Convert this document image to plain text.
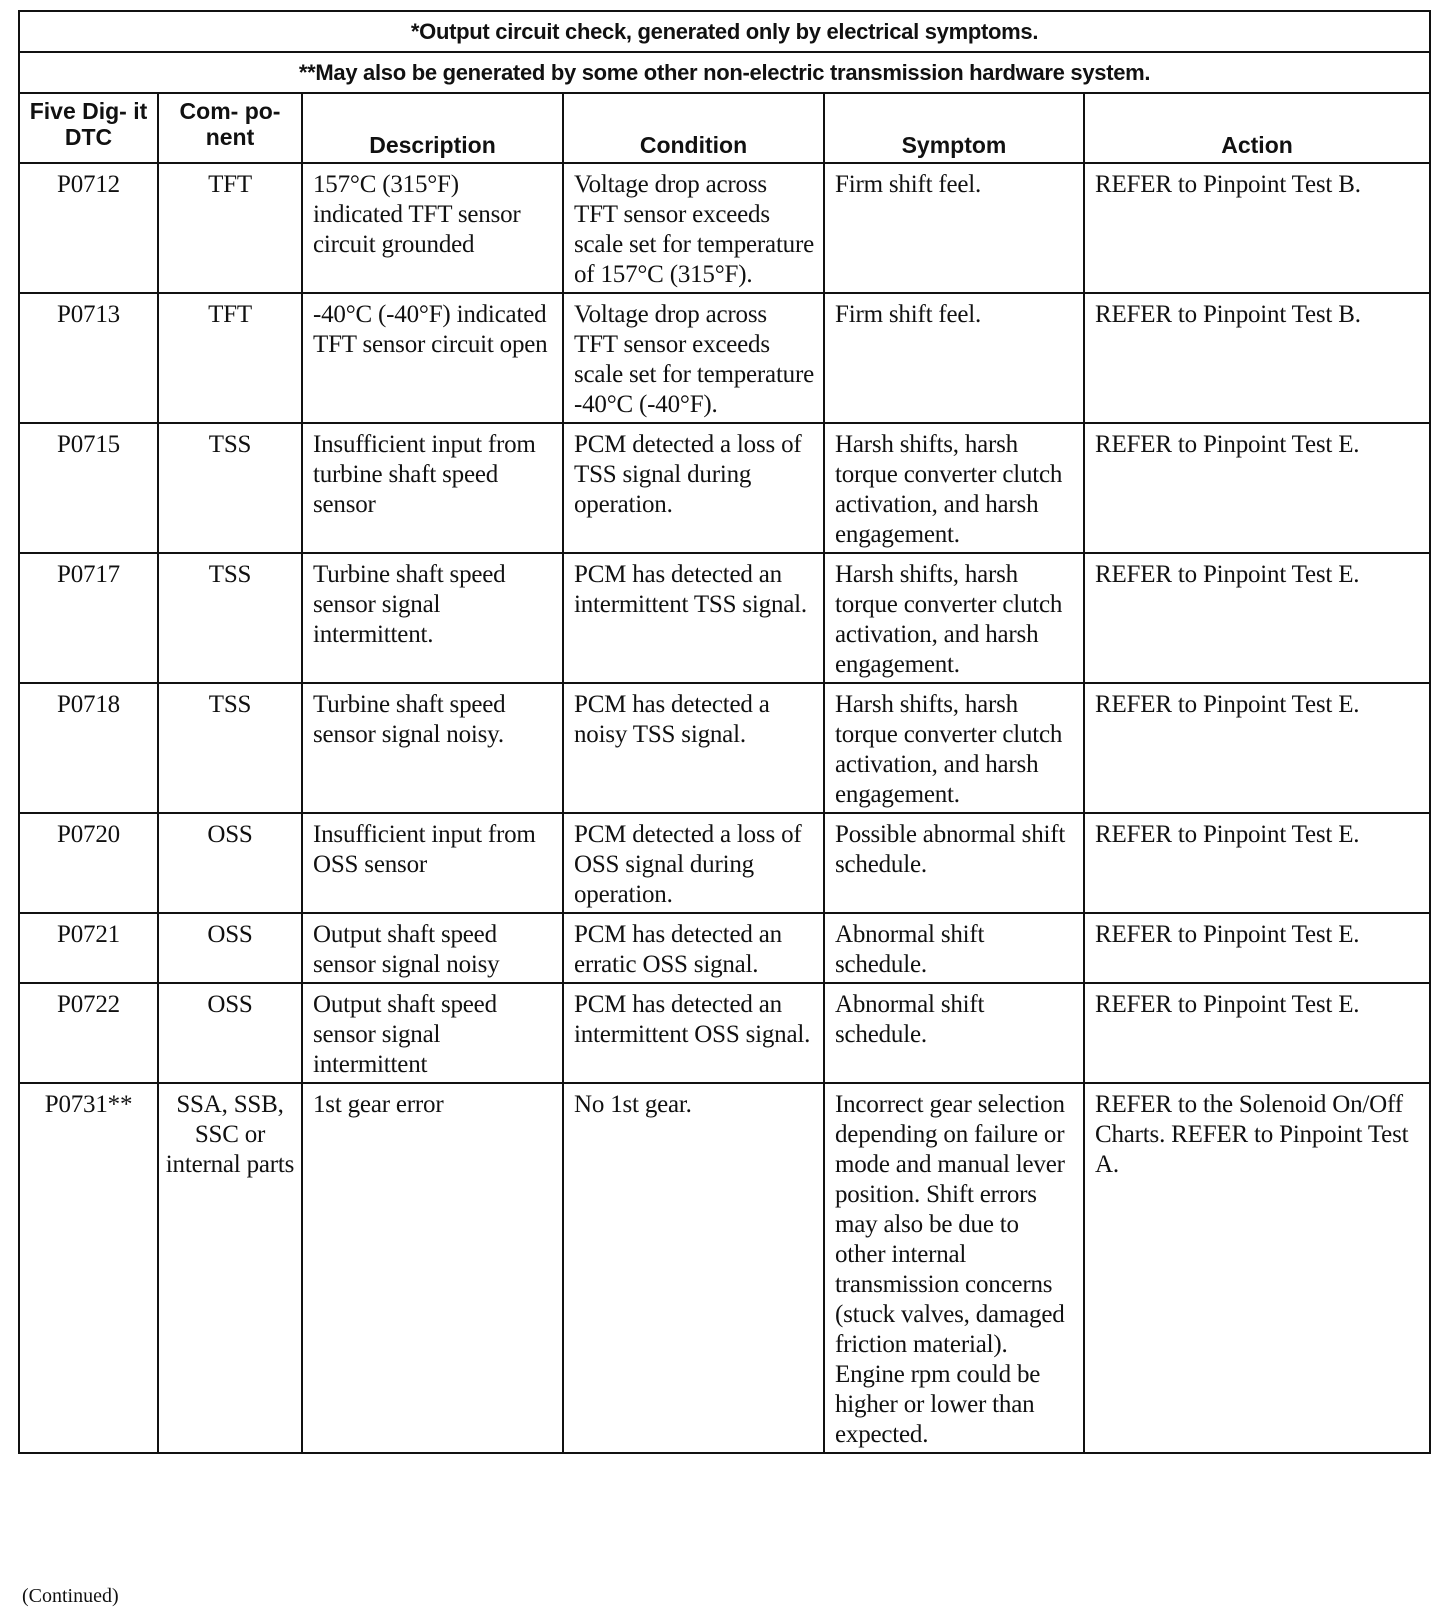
*Output circuit check, generated only by electrical symptoms.					
**May also be generated by some other non-electric transmission hardware system.					
Five Dig- it DTC	Com- po- nent	Description	Condition	Symptom	Action
P0712	TFT	157°C (315°F) indicated TFT sensor circuit grounded	Voltage drop across TFT sensor exceeds scale set for temperature of 157°C (315°F).	Firm shift feel.	REFER to Pinpoint Test B.
P0713	TFT	-40°C (-40°F) indicated TFT sensor circuit open	Voltage drop across TFT sensor exceeds scale set for temperature -40°C (-40°F).	Firm shift feel.	REFER to Pinpoint Test B.
P0715	TSS	Insufficient input from turbine shaft speed sensor	PCM detected a loss of TSS signal during operation.	Harsh shifts, harsh torque converter clutch activation, and harsh engagement.	REFER to Pinpoint Test E.
P0717	TSS	Turbine shaft speed sensor signal intermittent.	PCM has detected an intermittent TSS signal.	Harsh shifts, harsh torque converter clutch activation, and harsh engagement.	REFER to Pinpoint Test E.
P0718	TSS	Turbine shaft speed sensor signal noisy.	PCM has detected a noisy TSS signal.	Harsh shifts, harsh torque converter clutch activation, and harsh engagement.	REFER to Pinpoint Test E.
P0720	OSS	Insufficient input from OSS sensor	PCM detected a loss of OSS signal during operation.	Possible abnormal shift schedule.	REFER to Pinpoint Test E.
P0721	OSS	Output shaft speed sensor signal noisy	PCM has detected an erratic OSS signal.	Abnormal shift schedule.	REFER to Pinpoint Test E.
P0722	OSS	Output shaft speed sensor signal intermittent	PCM has detected an intermittent OSS signal.	Abnormal shift schedule.	REFER to Pinpoint Test E.
P0731**	SSA, SSB, SSC or internal parts	1st gear error	No 1st gear.	Incorrect gear selection depending on failure or mode and manual lever position. Shift errors may also be due to other internal transmission concerns (stuck valves, damaged friction material). Engine rpm could be higher or lower than expected.	REFER to the Solenoid On/Off Charts. REFER to Pinpoint Test A.
(Continued)
